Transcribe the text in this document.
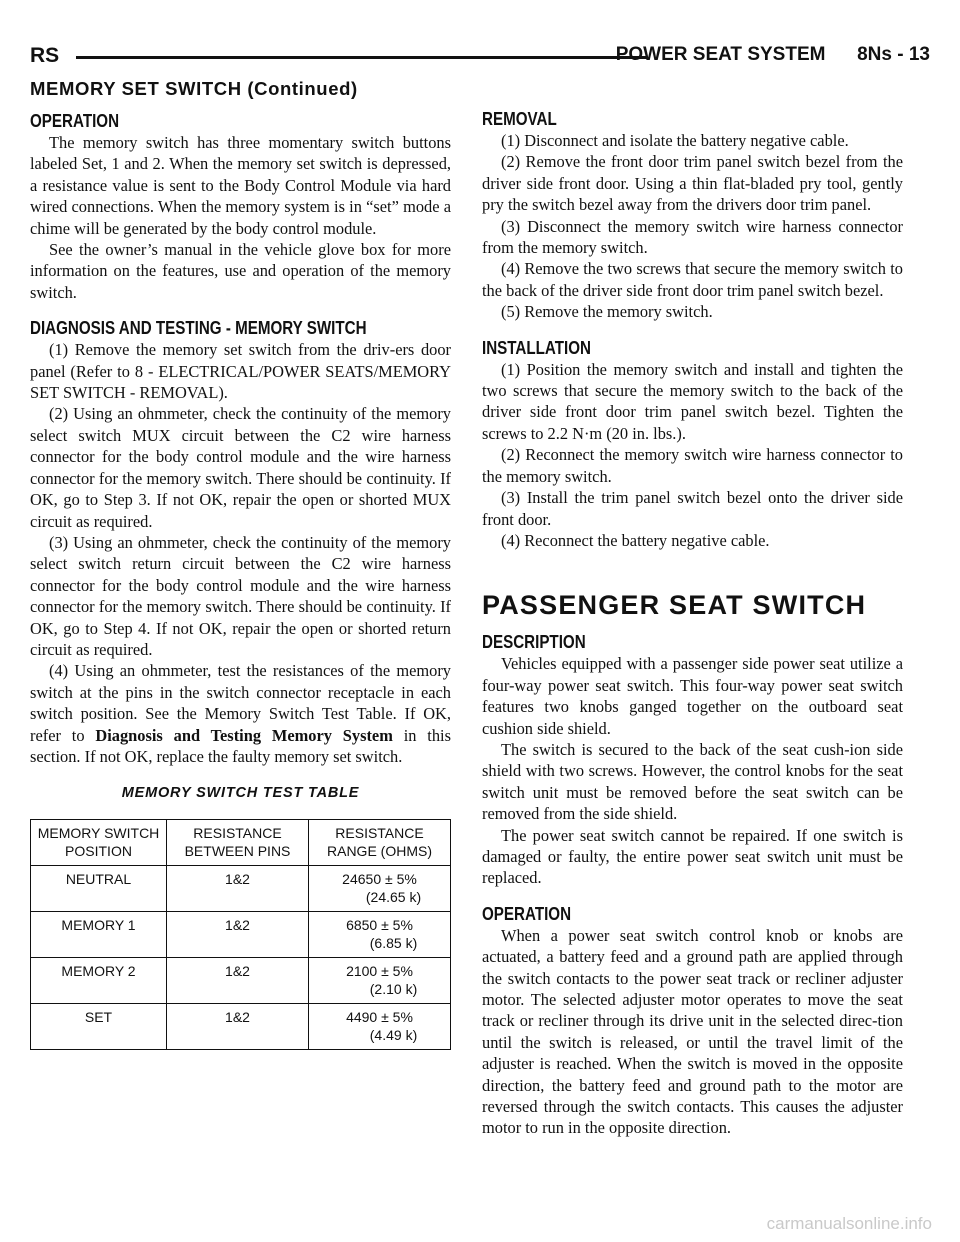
RS	POWER SEAT SYSTEM      8Ns - 13
MEMORY SET SWITCH (Continued)
OPERATION

The memory switch has three momentary switch buttons labeled Set, 1 and 2. When the memory set switch is depressed, a resistance value is sent to the Body Control Module via hard wired connections. When the memory system is in “set” mode a chime will be generated by the body control module.

See the owner’s manual in the vehicle glove box for more information on the features, use and operation of the memory switch.

DIAGNOSIS AND TESTING - MEMORY SWITCH

(1) Remove the memory set switch from the driv-ers door panel (Refer to 8 - ELECTRICAL/POWER SEATS/MEMORY SET SWITCH - REMOVAL).

(2) Using an ohmmeter, check the continuity of the memory select switch MUX circuit between the C2 wire harness connector for the body control module and the wire harness connector for the memory switch. There should be continuity. If OK, go to Step 3. If not OK, repair the open or shorted MUX circuit as required.

(3) Using an ohmmeter, check the continuity of the memory select switch return circuit between the C2 wire harness connector for the body control module and the wire harness connector for the memory switch. There should be continuity. If OK, go to Step 4. If not OK, repair the open or shorted return circuit as required.

(4) Using an ohmmeter, test the resistances of the memory switch at the pins in the switch connector receptacle in each switch position. See the Memory Switch Test Table. If OK, refer to Diagnosis and Testing Memory System in this section. If not OK, replace the faulty memory set switch.

MEMORY SWITCH TEST TABLE
MEMORY SWITCH POSITION	RESISTANCE BETWEEN PINS	RESISTANCE RANGE (OHMS)
NEUTRAL	1&2	24650 ± 5%
(24.65 k)

MEMORY 1	1&2	6850 ± 5%
(6.85 k)

MEMORY 2	1&2	2100 ± 5%
(2.10 k)

SET	1&2	4490 ± 5%
(4.49 k)
REMOVAL

(1) Disconnect and isolate the battery negative cable.

(2) Remove the front door trim panel switch bezel from the driver side front door. Using a thin flat-bladed pry tool, gently pry the switch bezel away from the drivers door trim panel.

(3) Disconnect the memory switch wire harness connector from the memory switch.

(4) Remove the two screws that secure the memory switch to the back of the driver side front door trim panel switch bezel.

(5) Remove the memory switch.

INSTALLATION

(1) Position the memory switch and install and tighten the two screws that secure the memory switch to the back of the driver side front door trim panel switch bezel. Tighten the screws to 2.2 N·m (20 in. lbs.).

(2) Reconnect the memory switch wire harness connector to the memory switch.

(3) Install the trim panel switch bezel onto the driver side front door.

(4) Reconnect the battery negative cable.

PASSENGER SEAT SWITCH
DESCRIPTION

Vehicles equipped with a passenger side power seat utilize a four-way power seat switch. This four-way power seat switch features two knobs ganged together on the outboard seat cushion side shield.

The switch is secured to the back of the seat cush-ion side shield with two screws. However, the control knobs for the seat switch unit must be removed before the seat switch can be removed from the side shield.

The power seat switch cannot be repaired. If one switch is damaged or faulty, the entire power seat switch unit must be replaced.

OPERATION

When a power seat switch control knob or knobs are actuated, a battery feed and a ground path are applied through the switch contacts to the power seat track or recliner adjuster motor. The selected adjuster motor operates to move the seat track or recliner through its drive unit in the selected direc-tion until the switch is released, or until the travel limit of the adjuster is reached. When the switch is moved in the opposite direction, the battery feed and ground path to the motor are reversed through the switch contacts. This causes the adjuster motor to run in the opposite direction.

carmanualsonline.info
